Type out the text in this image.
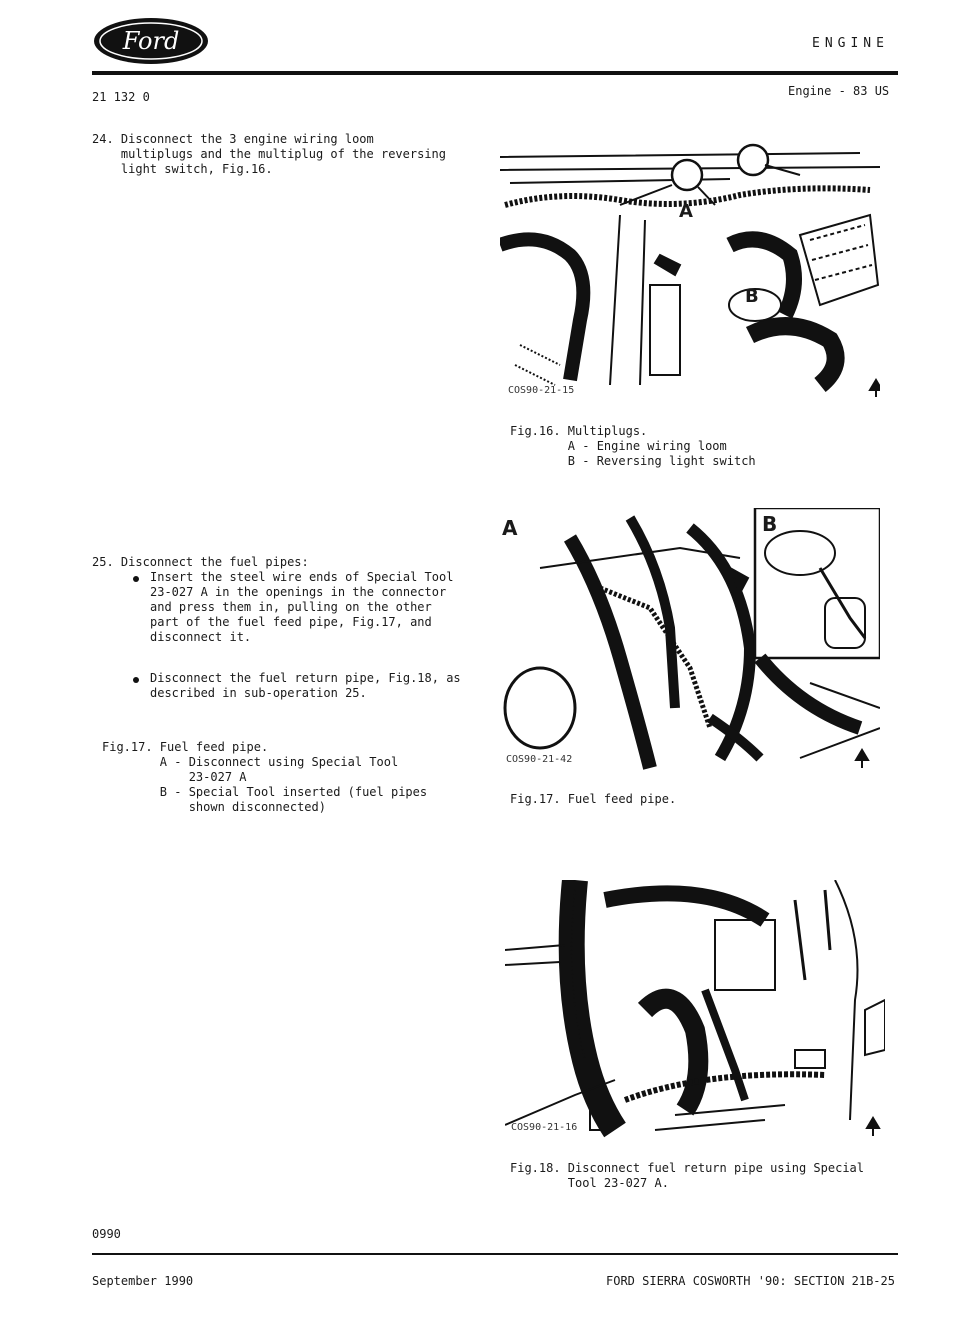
Ford	ENGINE
21 132 0	Engine - 83 US
24. Disconnect the 3 engine wiring loom
multiplugs and the multiplug of the reversing
light switch, Fig.16.
25. Disconnect the fuel pipes:
Insert the steel wire ends of Special Tool
23-027 A in the openings in the connector
and press them in, pulling on the other
part of the fuel feed pipe, Fig.17, and
disconnect it.
Disconnect the fuel return pipe, Fig.18, as
described in sub-operation 25.
Fig.17. Fuel feed pipe.
A - Disconnect using Special Tool
23-027 A
B - Special Tool inserted (fuel pipes
shown disconnected)
A
B
COS90-21-15
Fig.16. Multiplugs.
A - Engine wiring loom
B - Reversing light switch
A	B
COS90-21-42
Fig.17. Fuel feed pipe.
COS90-21-16
Fig.18. Disconnect fuel return pipe using Special
Tool 23-027 A.
0990
September 1990	FORD SIERRA COSWORTH '90: SECTION 21B-25
